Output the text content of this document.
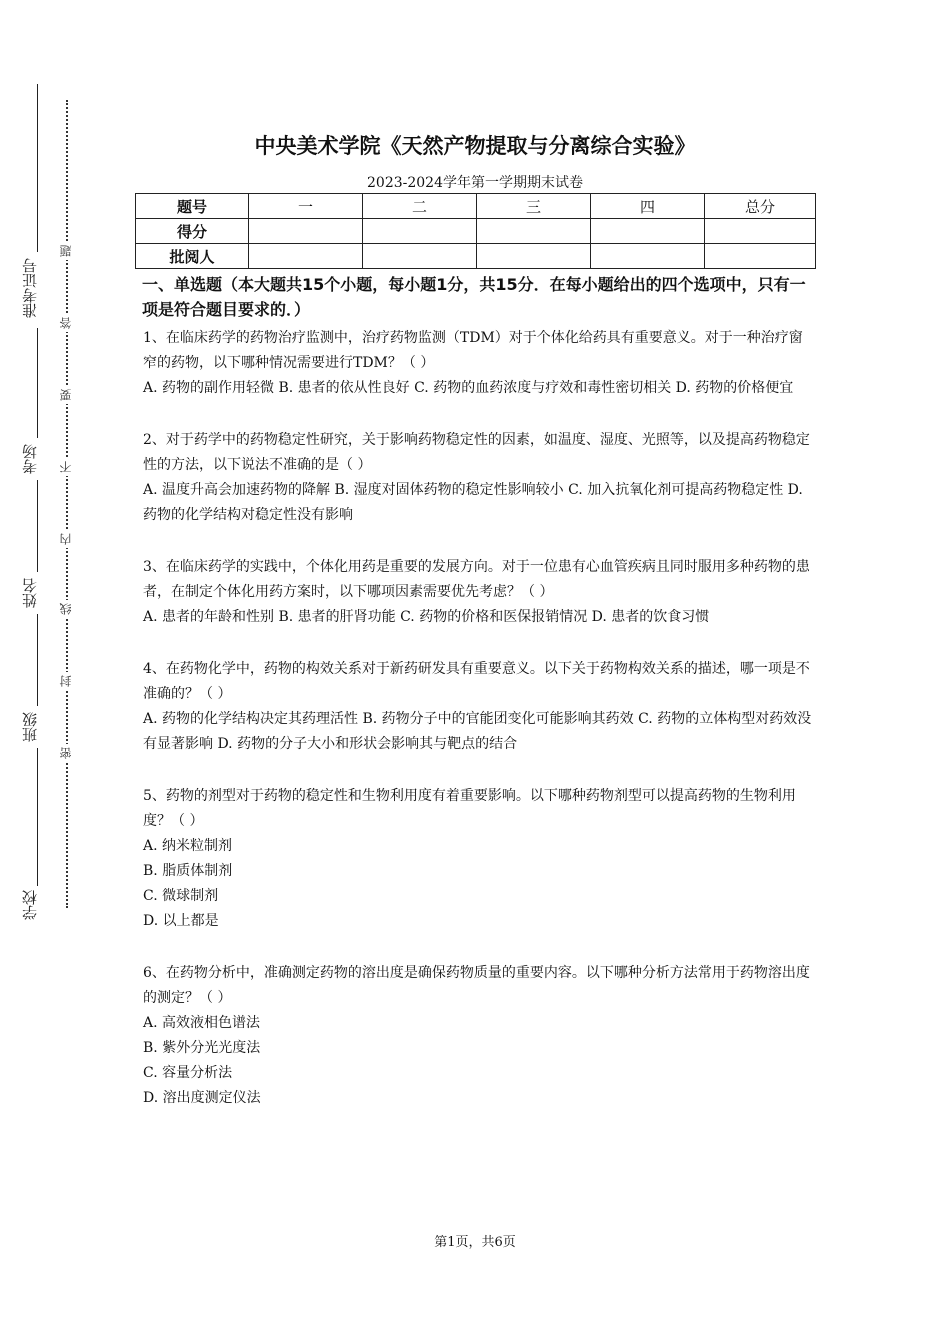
准考证号
考场
姓名
班级
学校
题
答
要
不
内
线
封
密
中央美术学院《天然产物提取与分离综合实验》
2023-2024学年第一学期期末试卷
题号	一	二	三	四	总分
得分					
批阅人					
一、单选题（本大题共15个小题，每小题1分，共15分．在每小题给出的四个选项中，只有一项是符合题目要求的．）
1、在临床药学的药物治疗监测中，治疗药物监测（TDM）对于个体化给药具有重要意义。对于一种治疗窗窄的药物，以下哪种情况需要进行TDM？（ ）
A. 药物的副作用轻微 B. 患者的依从性良好 C. 药物的血药浓度与疗效和毒性密切相关 D. 药物的价格便宜
2、对于药学中的药物稳定性研究，关于影响药物稳定性的因素，如温度、湿度、光照等，以及提高药物稳定性的方法，以下说法不准确的是（ ）
A. 温度升高会加速药物的降解 B. 湿度对固体药物的稳定性影响较小 C. 加入抗氧化剂可提高药物稳定性 D. 药物的化学结构对稳定性没有影响
3、在临床药学的实践中，个体化用药是重要的发展方向。对于一位患有心血管疾病且同时服用多种药物的患者，在制定个体化用药方案时，以下哪项因素需要优先考虑？（ ）
A. 患者的年龄和性别 B. 患者的肝肾功能 C. 药物的价格和医保报销情况 D. 患者的饮食习惯
4、在药物化学中，药物的构效关系对于新药研发具有重要意义。以下关于药物构效关系的描述，哪一项是不准确的？（ ）
A. 药物的化学结构决定其药理活性 B. 药物分子中的官能团变化可能影响其药效 C. 药物的立体构型对药效没有显著影响 D. 药物的分子大小和形状会影响其与靶点的结合
5、药物的剂型对于药物的稳定性和生物利用度有着重要影响。以下哪种药物剂型可以提高药物的生物利用度？（ ）
A. 纳米粒制剂
B. 脂质体制剂
C. 微球制剂
D. 以上都是
6、在药物分析中，准确测定药物的溶出度是确保药物质量的重要内容。以下哪种分析方法常用于药物溶出度的测定？（ ）
A. 高效液相色谱法
B. 紫外分光光度法
C. 容量分析法
D. 溶出度测定仪法
第1页，共6页
